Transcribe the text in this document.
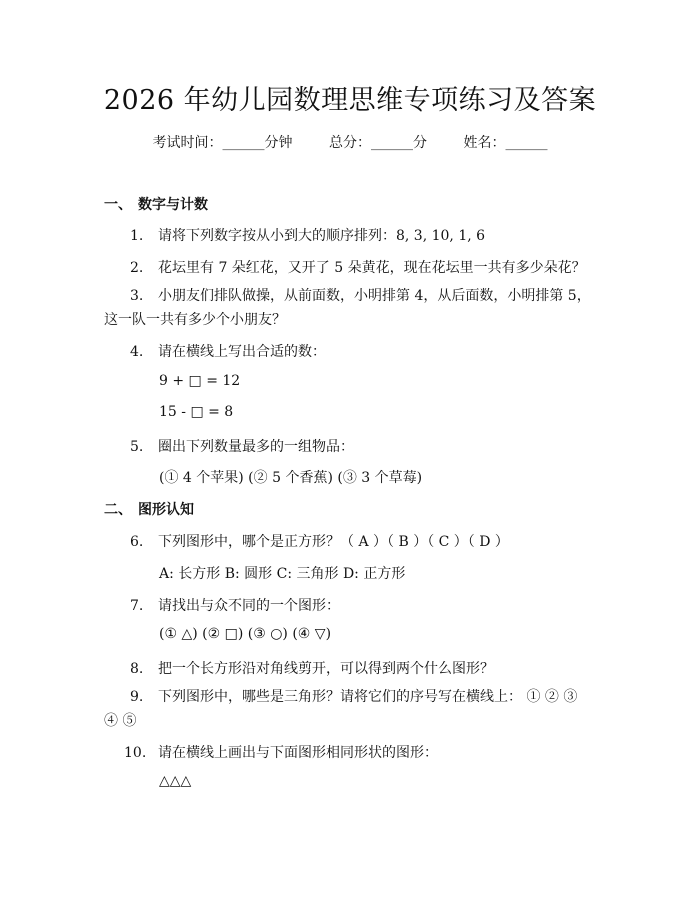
2026 年幼儿园数理思维专项练习及答案
考试时间：______分钟	总分：______分	姓名：______
一、 数字与计数
1. 请将下列数字按从小到大的顺序排列：8, 3, 10, 1, 6
2. 花坛里有 7 朵红花，又开了 5 朵黄花，现在花坛里一共有多少朵花？
3. 小朋友们排队做操，从前面数，小明排第 4，从后面数，小明排第 5，这一队一共有多少个小朋友？
4. 请在横线上写出合适的数：
9 + □ = 12
15 - □ = 8
5. 圈出下列数量最多的一组物品：
(① 4 个苹果) (② 5 个香蕉) (③ 3 个草莓)
二、 图形认知
6. 下列图形中，哪个是正方形？（ A ）（ B ）（ C ）（ D ）
A: 长方形 B: 圆形 C: 三角形 D: 正方形
7. 请找出与众不同的一个图形：
(① △) (② □) (③ ○) (④ ▽)
8. 把一个长方形沿对角线剪开，可以得到两个什么图形？
9. 下列图形中，哪些是三角形？请将它们的序号写在横线上： ① ② ③ ④ ⑤
10. 请在横线上画出与下面图形相同形状的图形：
△△△
